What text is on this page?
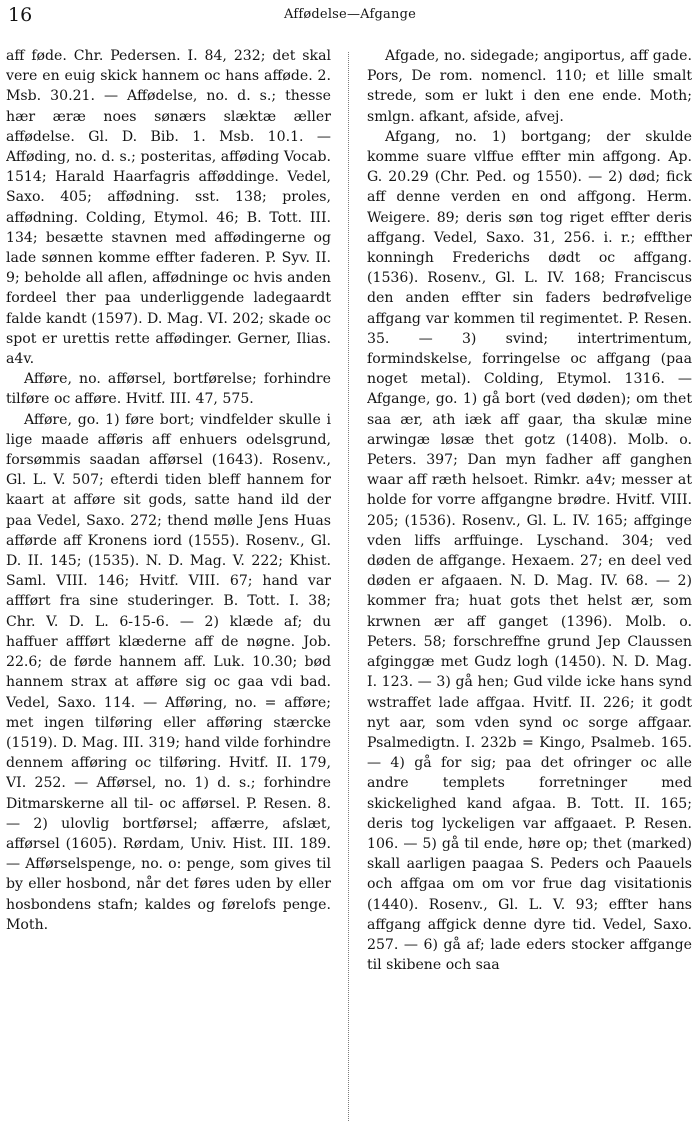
16	Affødelse—Afgange

aff føde. Chr. Pedersen. I. 84, 232; det skal vere en euig skick hannem oc hans afføde. 2. Msb. 30.21. — Affødelse, no. d. s.; thesse hær æræ noes sønærs slæktæ æller affødelse. Gl. D. Bib. 1. Msb. 10.1. — Afføding, no. d. s.; posteritas, afføding Vocab. 1514; Harald Haarfagris afføddinge. Vedel, Saxo. 405; affødning. sst. 138; proles, affødning. Colding, Etymol. 46; B. Tott. III. 134; besætte stavnen med affødingerne og lade sønnen komme effter faderen. P. Syv. II. 9; beholde all aflen, affødninge oc hvis anden fordeel ther paa underliggende ladegaardt falde kandt (1597). D. Mag. VI. 202; skade oc spot er urettis rette affødinger. Gerner, Ilias. a4v.

Afføre, no. afførsel, bortførelse; forhindre tilføre oc afføre. Hvitf. III. 47, 575.

Afføre, go. 1) føre bort; vindfelder skulle i lige maade afføris aff enhuers odelsgrund, forsømmis saadan afførsel (1643). Rosenv., Gl. L. V. 507; efterdi tiden bleff hannem for kaart at afføre sit gods, satte hand ild der paa Vedel, Saxo. 272; thend mølle Jens Huas afførde aff Kronens iord (1555). Rosenv., Gl. D. II. 145; (1535). N. D. Mag. V. 222; Khist. Saml. VIII. 146; Hvitf. VIII. 67; hand var affført fra sine studeringer. B. Tott. I. 38; Chr. V. D. L. 6-15-6. — 2) klæde af; du haffuer affført klæderne aff de nøgne. Job. 22.6; de førde hannem aff. Luk. 10.30; bød hannem strax at afføre sig oc gaa vdi bad. Vedel, Saxo. 114. — Afføring, no. = afføre; met ingen tilføring eller afføring stærcke (1519). D. Mag. III. 319; hand vilde forhindre dennem afføring oc tilføring. Hvitf. II. 179, VI. 252. — Afførsel, no. 1) d. s.; forhindre Ditmarskerne all til- oc afførsel. P. Resen. 8. — 2) ulovlig bortførsel; affærre, afslæt, afførsel (1605). Rørdam, Univ. Hist. III. 189. — Afførselspenge, no. o: penge, som gives til by eller hosbond, når det føres uden by eller hosbondens stafn; kaldes og førelofs penge. Moth.

Afgade, no. sidegade; angiportus, aff gade. Pors, De rom. nomencl. 110; et lille smalt strede, som er lukt i den ene ende. Moth; smlgn. afkant, afside, afvej.

Afgang, no. 1) bortgang; der skulde komme suare vlffue effter min affgong. Ap. G. 20.29 (Chr. Ped. og 1550). — 2) død; fick aff denne verden en ond affgong. Herm. Weigere. 89; deris søn tog riget effter deris affgang. Vedel, Saxo. 31, 256. i. r.; effther konningh Frederichs dødt oc affgang. (1536). Rosenv., Gl. L. IV. 168; Franciscus den anden effter sin faders bedrøfvelige affgang var kommen til regimentet. P. Resen. 35. — 3) svind; intertrimentum, formindskelse, forringelse oc affgang (paa noget metal). Colding, Etymol. 1316. — Afgange, go. 1) gå bort (ved døden); om thet saa ær, ath iæk aff gaar, tha skulæ mine arwingæ løsæ thet gotz (1408). Molb. o. Peters. 397; Dan myn fadher aff ganghen waar aff ræth helsoet. Rimkr. a4v; messer at holde for vorre affgangne brødre. Hvitf. VIII. 205; (1536). Rosenv., Gl. L. IV. 165; affginge vden liffs arffuinge. Lyschand. 304; ved døden de affgange. Hexaem. 27; en deel ved døden er afgaaen. N. D. Mag. IV. 68. — 2) kommer fra; huat gots thet helst ær, som krwnen ær aff ganget (1396). Molb. o. Peters. 58; forschreffne grund Jep Claussen afginggæ met Gudz logh (1450). N. D. Mag. I. 123. — 3) gå hen; Gud vilde icke hans synd wstraffet lade affgaa. Hvitf. II. 226; it godt nyt aar, som vden synd oc sorge affgaar. Psalmedigtn. I. 232b = Kingo, Psalmeb. 165. — 4) gå for sig; paa det ofringer oc alle andre templets forretninger med skickelighed kand afgaa. B. Tott. II. 165; deris tog lyckeligen var affgaaet. P. Resen. 106. — 5) gå til ende, høre op; thet (marked) skall aarligen paagaa S. Peders och Paauels och affgaa om om vor frue dag visitationis (1440). Rosenv., Gl. L. V. 93; effter hans affgang affgick denne dyre tid. Vedel, Saxo. 257. — 6) gå af; lade eders stocker affgange til skibene och saa
